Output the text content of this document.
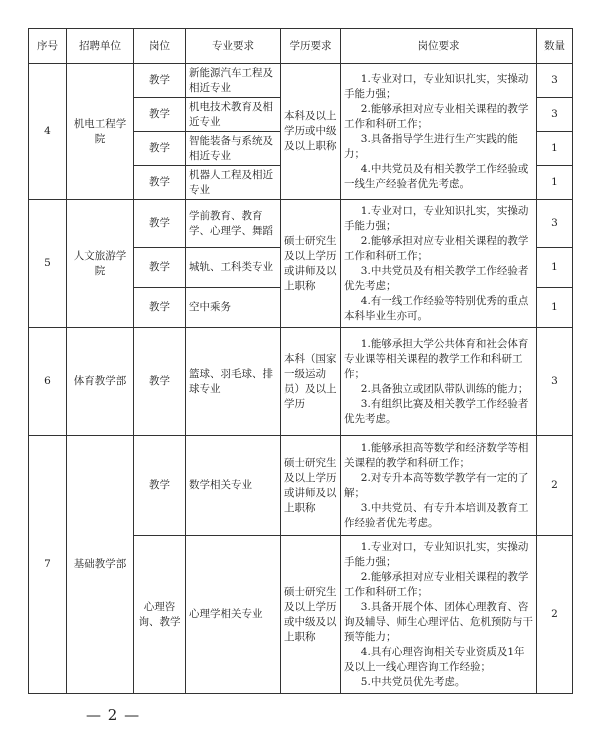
序号	招聘单位	岗位	专业要求	学历要求	岗位要求	数量
4	机电工程学院	教学	新能源汽车工程及相近专业	本科及以上学历或中级及以上职称	1.专业对口，专业知识扎实，实操动手能力强；
2.能够承担对应专业相关课程的教学工作和科研工作；
3.具备指导学生进行生产实践的能力；
4.中共党员及有相关教学工作经验或一线生产经验者优先考虑。	3
		教学	机电技术教育及相近专业			3
		教学	智能装备与系统及相近专业			1
		教学	机器人工程及相近专业			1
5	人文旅游学院	教学	学前教育、教育学、心理学、舞蹈	硕士研究生及以上学历或讲师及以上职称	1.专业对口，专业知识扎实，实操动手能力强；
2.能够承担对应专业相关课程的教学工作和科研工作；
3.中共党员及有相关教学工作经验者优先考虑；
4.有一线工作经验等特别优秀的重点本科毕业生亦可。	3
		教学	城轨、工科类专业			1
		教学	空中乘务			1
6	体育教学部	教学	篮球、羽毛球、排球专业	本科（国家一级运动员）及以上学历	1.能够承担大学公共体育和社会体育专业课等相关课程的教学工作和科研工作；
2.具备独立或团队带队训练的能力；
3.有组织比赛及相关教学工作经验者优先考虑。	3
7	基础教学部	教学	数学相关专业	硕士研究生及以上学历或讲师及以上职称	1.能够承担高等数学和经济数学等相关课程的教学和科研工作；
2.对专升本高等数学教学有一定的了解；
3.中共党员、有专升本培训及教育工作经验者优先考虑。	2
		心理咨询、教学	心理学相关专业	硕士研究生及以上学历或中级及以上职称	1.专业对口，专业知识扎实，实操动手能力强；
2.能够承担对应专业相关课程的教学工作和科研工作；
3.具备开展个体、团体心理教育、咨询及辅导、师生心理评估、危机预防与干预等能力；
4.具有心理咨询相关专业资质及1年及以上一线心理咨询工作经验；
5.中共党员优先考虑。	2
— 2 —
